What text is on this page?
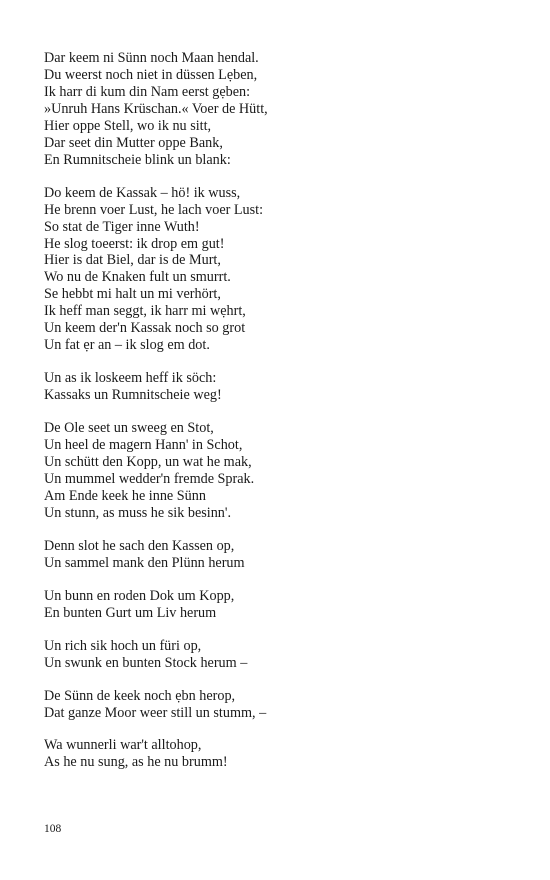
Dar keem ni Sünn noch Maan hendal.
Du weerst noch niet in düssen Lẹben,
Ik harr di kum din Nam eerst gẹben:
»Unruh Hans Krüschan.« Voer de Hütt,
Hier oppe Stell, wo ik nu sitt,
Dar seet din Mutter oppe Bank,
En Rumnitscheie blink un blank:
Do keem de Kassak – hö! ik wuss,
He brenn voer Lust, he lach voer Lust:
So stat de Tiger inne Wuth!
He slog toeerst: ik drop em gut!
Hier is dat Biel, dar is de Murt,
Wo nu de Knaken fult un smurrt.
Se hebbt mi halt un mi verhört,
Ik heff man seggt, ik harr mi wẹhrt,
Un keem der'n Kassak noch so grot
Un fat ẹr an – ik slog em dot.
Un as ik loskeem heff ik söch:
Kassaks un Rumnitscheie weg!
De Ole seet un sweeg en Stot,
Un heel de magern Hann' in Schot,
Un schütt den Kopp, un wat he mak,
Un mummel wedder'n fremde Sprak.
Am Ende keek he inne Sünn
Un stunn, as muss he sik besinn'.
Denn slot he sach den Kassen op,
Un sammel mank den Plünn herum
Un bunn en roden Dok um Kopp,
En bunten Gurt um Liv herum
Un rich sik hoch un füri op,
Un swunk en bunten Stock herum –
De Sünn de keek noch ẹbn herop,
Dat ganze Moor weer still un stumm, –
Wa wunnerli war't alltohop,
As he nu sung, as he nu brumm!
108
